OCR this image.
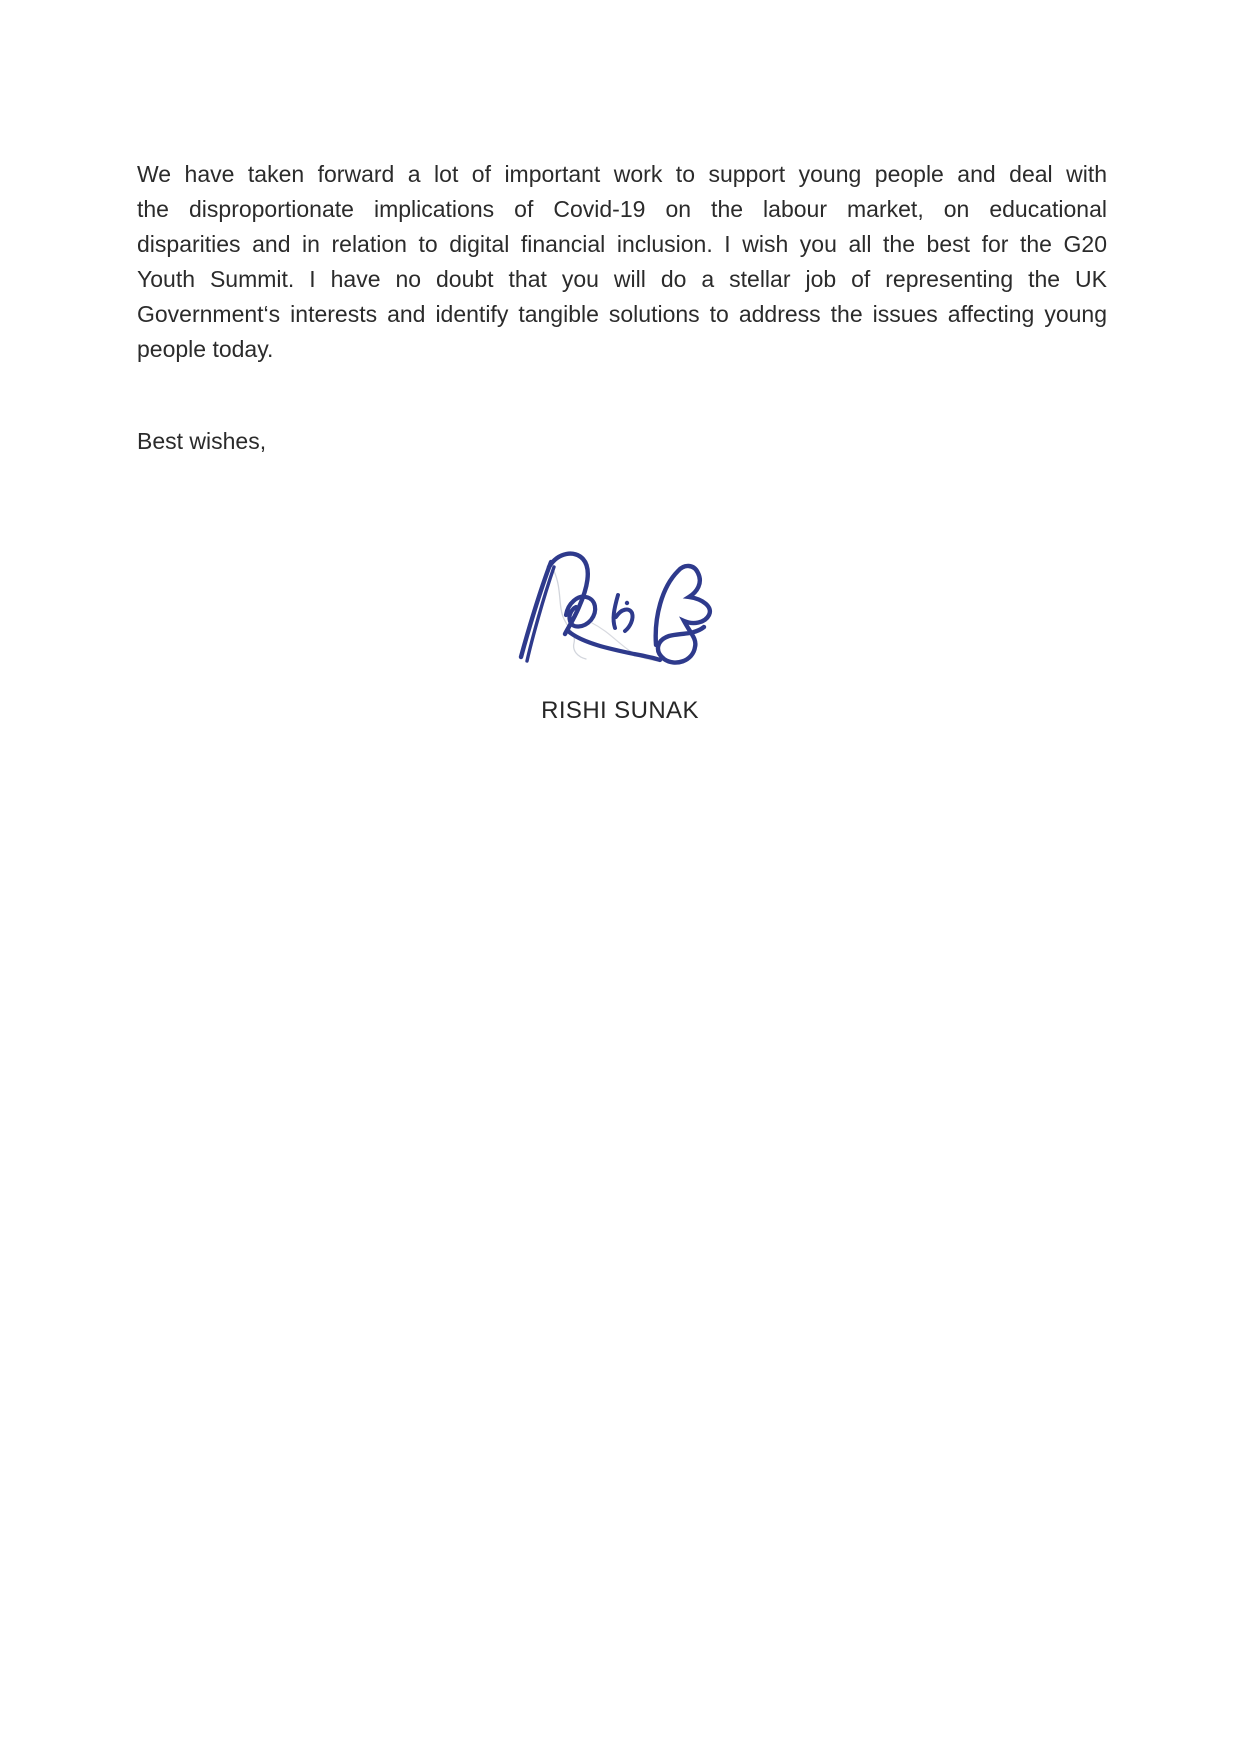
We have taken forward a lot of important work to support young people and deal with
the disproportionate implications of Covid-19 on the labour market, on educational
disparities and in relation to digital financial inclusion. I wish you all the best for the G20
Youth Summit. I have no doubt that you will do a stellar job of representing the UK
Government‘s interests and identify tangible solutions to address the issues affecting young
people today.
Best wishes,
RISHI SUNAK
